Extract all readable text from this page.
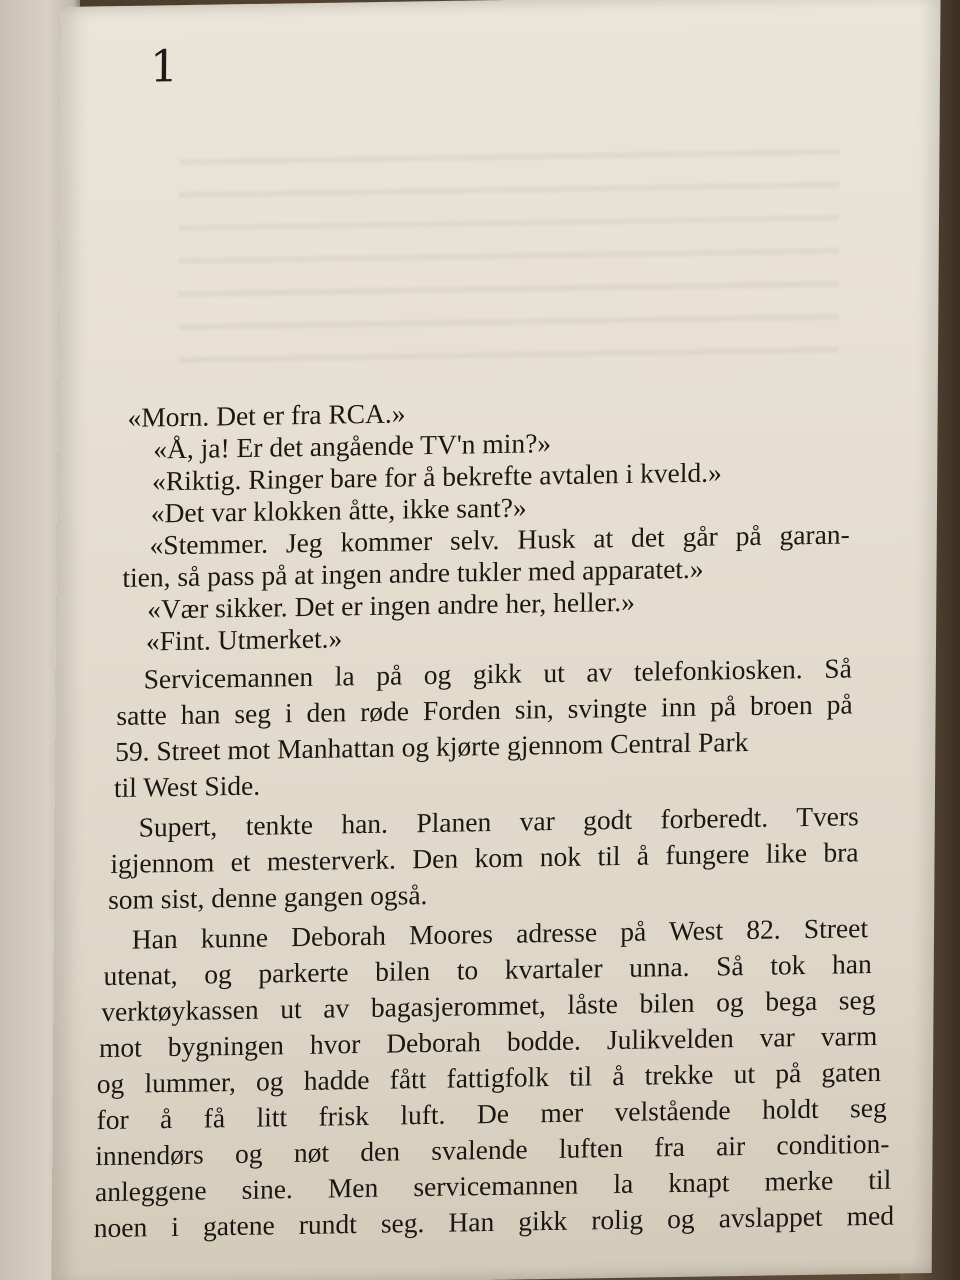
1
«Morn. Det er fra RCA.»
«Å, ja! Er det angående TV'n min?»
«Riktig. Ringer bare for å bekrefte avtalen i kveld.»
«Det var klokken åtte, ikke sant?»
«Stemmer. Jeg kommer selv. Husk at det går på garan-
tien, så pass på at ingen andre tukler med apparatet.»
«Vær sikker. Det er ingen andre her, heller.»
«Fint. Utmerket.»
Servicemannen la på og gikk ut av telefonkiosken. Så
satte han seg i den røde Forden sin, svingte inn på broen på
59. Street mot Manhattan og kjørte gjennom Central Park
til West Side.
Supert, tenkte han. Planen var godt forberedt. Tvers
igjennom et mesterverk. Den kom nok til å fungere like bra
som sist, denne gangen også.
Han kunne Deborah Moores adresse på West 82. Street
utenat, og parkerte bilen to kvartaler unna. Så tok han
verktøykassen ut av bagasjerommet, låste bilen og bega seg
mot bygningen hvor Deborah bodde. Julikvelden var varm
og lummer, og hadde fått fattigfolk til å trekke ut på gaten
for å få litt frisk luft. De mer velstående holdt seg
innendørs og nøt den svalende luften fra air condition-
anleggene sine. Men servicemannen la knapt merke til
noen i gatene rundt seg. Han gikk rolig og avslappet med
